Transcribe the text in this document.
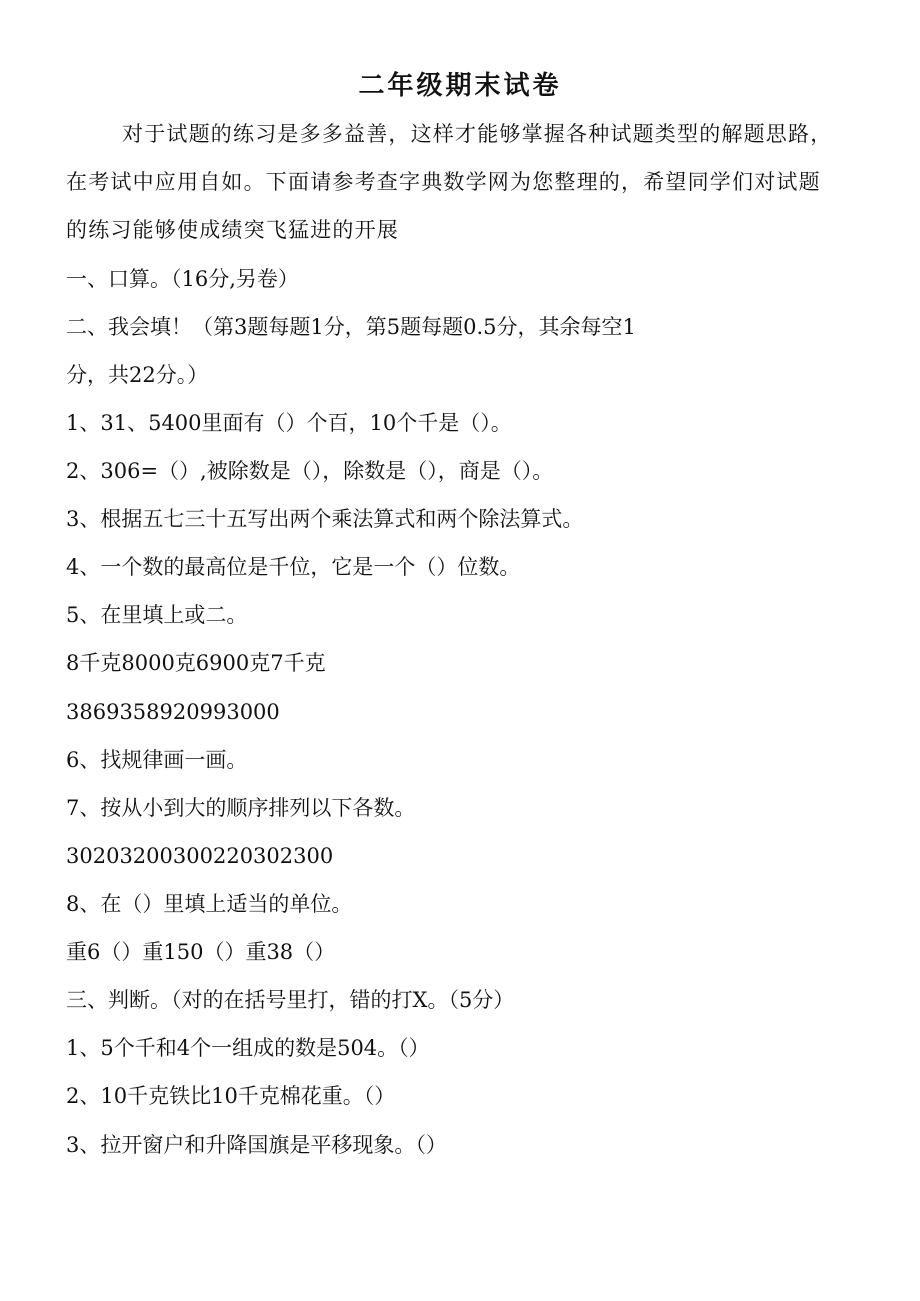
二年级期末试卷
对于试题的练习是多多益善，这样才能够掌握各种试题类型的解题思路，
在考试中应用自如。下面请参考查字典数学网为您整理的，希望同学们对试题
的练习能够使成绩突飞猛进的开展
一、口算。（16分,另卷）
二、我会填！（第3题每题1分，第5题每题0.5分，其余每空1
分，共22分。）
1、31、5400里面有（）个百，10个千是（）。
2、306=（）,被除数是（），除数是（），商是（）。
3、根据五七三十五写出两个乘法算式和两个除法算式。
4、一个数的最高位是千位，它是一个（）位数。
5、在里填上或二。
8千克8000克6900克7千克
3869358920993000
6、找规律画一画。
7、按从小到大的顺序排列以下各数。
3020320030022030230​0
8、在（）里填上适当的单位。
重6（）重150（）重38（）
三、判断。（对的在括号里打，错的打X。（5分）
1、5个千和4个一组成的数是504。（）
2、10千克铁比10千克棉花重。（）
3、拉开窗户和升降国旗是平移现象。（）
